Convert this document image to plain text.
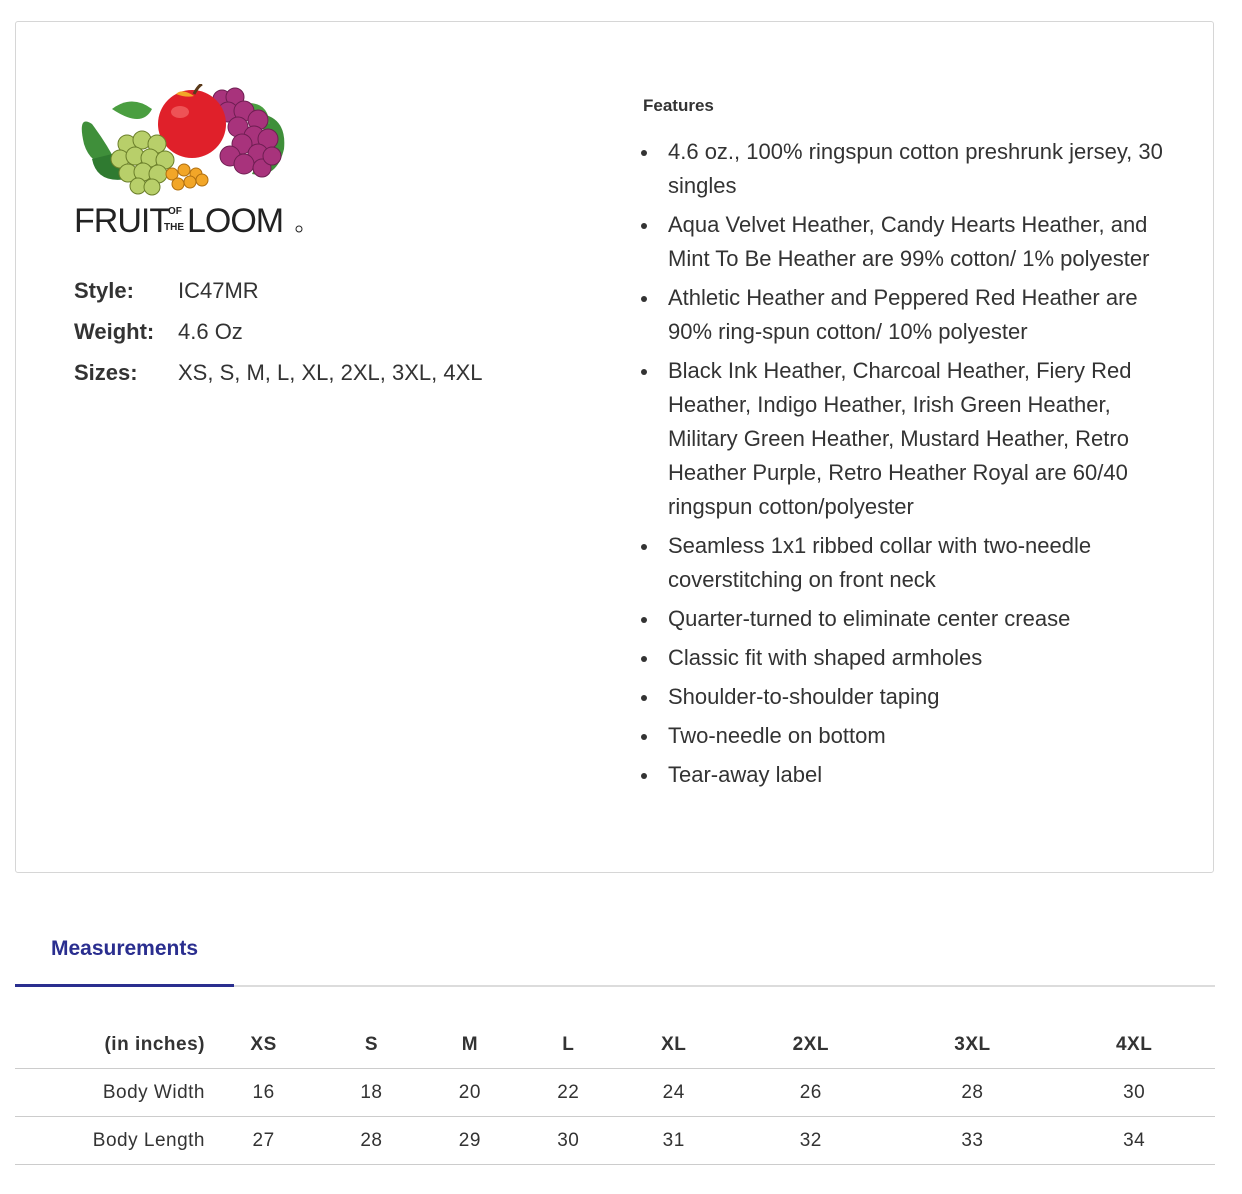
FRUIT
OF
THE LOOM
Style:	IC47MR
Weight:	4.6 Oz
Sizes:	XS, S, M, L, XL, 2XL, 3XL, 4XL
Features
4.6 oz., 100% ringspun cotton preshrunk jersey, 30 singles
Aqua Velvet Heather, Candy Hearts Heather, and Mint To Be Heather are 99% cotton/ 1% polyester
Athletic Heather and Peppered Red Heather are 90% ring-spun cotton/ 10% polyester
Black Ink Heather, Charcoal Heather, Fiery Red Heather, Indigo Heather, Irish Green Heather, Military Green Heather, Mustard Heather, Retro Heather Purple, Retro Heather Royal are 60/40 ringspun cotton/polyester
Seamless 1x1 ribbed collar with two-needle coverstitching on front neck
Quarter-turned to eliminate center crease
Classic fit with shaped armholes
Shoulder-to-shoulder taping
Two-needle on bottom
Tear-away label
Measurements
(in inches)	XS	S	M	L	XL	2XL	3XL	4XL
Body Width	16	18	20	22	24	26	28	30
Body Length	27	28	29	30	31	32	33	34
